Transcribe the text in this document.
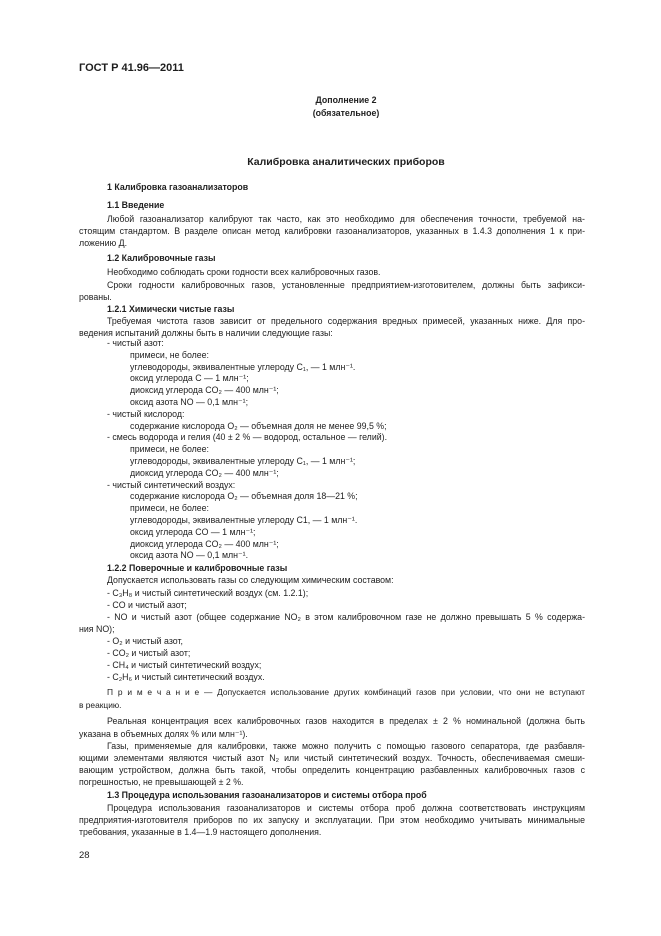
ГОСТ Р 41.96—2011
Дополнение 2
(обязательное)
Калибровка аналитических приборов
1 Калибровка газоанализаторов
1.1 Введение
Любой газоанализатор калибруют так часто, как это необходимо для обеспечения точности, требуемой на-
стоящим стандартом. В разделе описан метод калибровки газоанализаторов, указанных в 1.4.3 дополнения 1 к при-
ложению Д.
1.2 Калибровочные газы
Необходимо соблюдать сроки годности всех калибровочных газов.
Сроки годности калибровочных газов, установленные предприятием-изготовителем, должны быть зафикси-
рованы.
1.2.1 Химически чистые газы
Требуемая чистота газов зависит от предельного содержания вредных примесей, указанных ниже. Для про-
ведения испытаний должны быть в наличии следующие газы:
- чистый азот:
примеси, не более:
углеводороды, эквивалентные углероду C₁, — 1 млн⁻¹.
оксид углерода C — 1 млн⁻¹;
диоксид углерода CO₂ — 400 млн⁻¹;
оксид азота NO — 0,1 млн⁻¹;
- чистый кислород:
содержание кислорода O₂ — объемная доля не менее 99,5 %;
- смесь водорода и гелия (40 ± 2 % — водород, остальное — гелий).
примеси, не более:
углеводороды, эквивалентные углероду C₁, — 1 млн⁻¹;
диоксид углерода CO₂ — 400 млн⁻¹;
- чистый синтетический воздух:
содержание кислорода O₂ — объемная доля 18—21 %;
примеси, не более:
углеводороды, эквивалентные углероду C1, — 1 млн⁻¹.
оксид углерода CO — 1 млн⁻¹;
диоксид углерода CO₂ — 400 млн⁻¹;
оксид азота NO — 0,1 млн⁻¹.
1.2.2 Поверочные и калибровочные газы
Допускается использовать газы со следующим химическим составом:
- C₃H₈ и чистый синтетический воздух (см. 1.2.1);
- CO и чистый азот;
- NO и чистый азот (общее содержание NO₂ в этом калибровочном газе не должно превышать 5 % содержа-
ния NO);
- O₂ и чистый азот,
- CO₂ и чистый азот;
- CH₄ и чистый синтетический воздух;
- C₂H₆ и чистый синтетический воздух.
П р и м е ч а н и е — Допускается использование других комбинаций газов при условии, что они не вступают
в реакцию.
Реальная концентрация всех калибровочных газов находится в пределах ± 2 % номинальной (должна быть
указана в объемных долях % или млн⁻¹).
Газы, применяемые для калибровки, также можно получить с помощью газового сепаратора, где разбавля-
ющими элементами являются чистый азот N₂ или чистый синтетический воздух. Точность, обеспечиваемая смеши-
вающим устройством, должна быть такой, чтобы определить концентрацию разбавленных калибровочных газов с
погрешностью, не превышающей ± 2 %.
1.3 Процедура использования газоанализаторов и системы отбора проб
Процедура использования газоанализаторов и системы отбора проб должна соответствовать инструкциям
предприятия-изготовителя приборов по их запуску и эксплуатации. При этом необходимо учитывать минимальные
требования, указанные в 1.4—1.9 настоящего дополнения.
28
